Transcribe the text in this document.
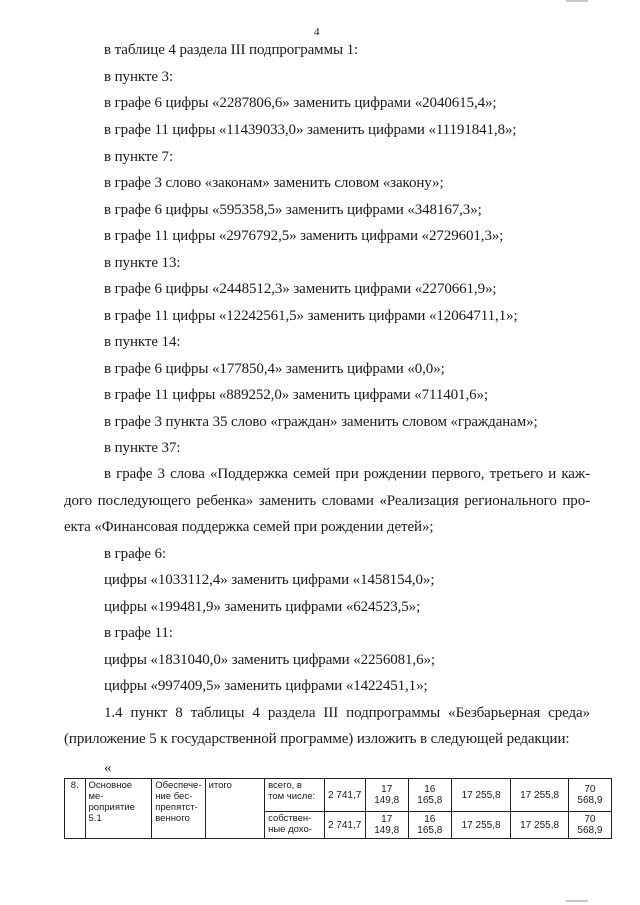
4
в таблице 4 раздела III подпрограммы 1:
в пункте 3:
в графе 6 цифры «2287806,6» заменить цифрами «2040615,4»;
в графе 11 цифры «11439033,0» заменить цифрами «11191841,8»;
в пункте 7:
в графе 3 слово «законам» заменить словом «закону»;
в графе 6 цифры «595358,5» заменить цифрами «348167,3»;
в графе 11 цифры «2976792,5» заменить цифрами «2729601,3»;
в пункте 13:
в графе 6 цифры «2448512,3» заменить цифрами «2270661,9»;
в графе 11 цифры «12242561,5» заменить цифрами «12064711,1»;
в пункте 14:
в графе 6 цифры «177850,4» заменить цифрами «0,0»;
в графе 11 цифры «889252,0» заменить цифрами «711401,6»;
в графе 3 пункта 35 слово «граждан» заменить словом «гражданам»;
в пункте 37:
в графе 3 слова «Поддержка семей при рождении первого, третьего и каж-
дого последующего ребенка» заменить словами «Реализация регионального про-
екта «Финансовая поддержка семей при рождении детей»;
в графе 6:
цифры «1033112,4» заменить цифрами «1458154,0»;
цифры «199481,9» заменить цифрами «624523,5»;
в графе 11:
цифры «1831040,0» заменить цифрами «2256081,6»;
цифры «997409,5» заменить цифрами «1422451,1»;
1.4 пункт 8 таблицы 4 раздела III подпрограммы «Безбарьерная среда»
(приложение 5 к государственной программе) изложить в следующей редакции:
«
8.	Основное ме-роприятие 5.1	Обеспече-ние бес-препятст-венного	итого	всего, в том числе:	2 741,7	17 149,8	16 165,8	17 255,8	17 255,8	70 568,9
				собствен-ные дохо-	2 741,7	17 149,8	16 165,8	17 255,8	17 255,8	70 568,9
